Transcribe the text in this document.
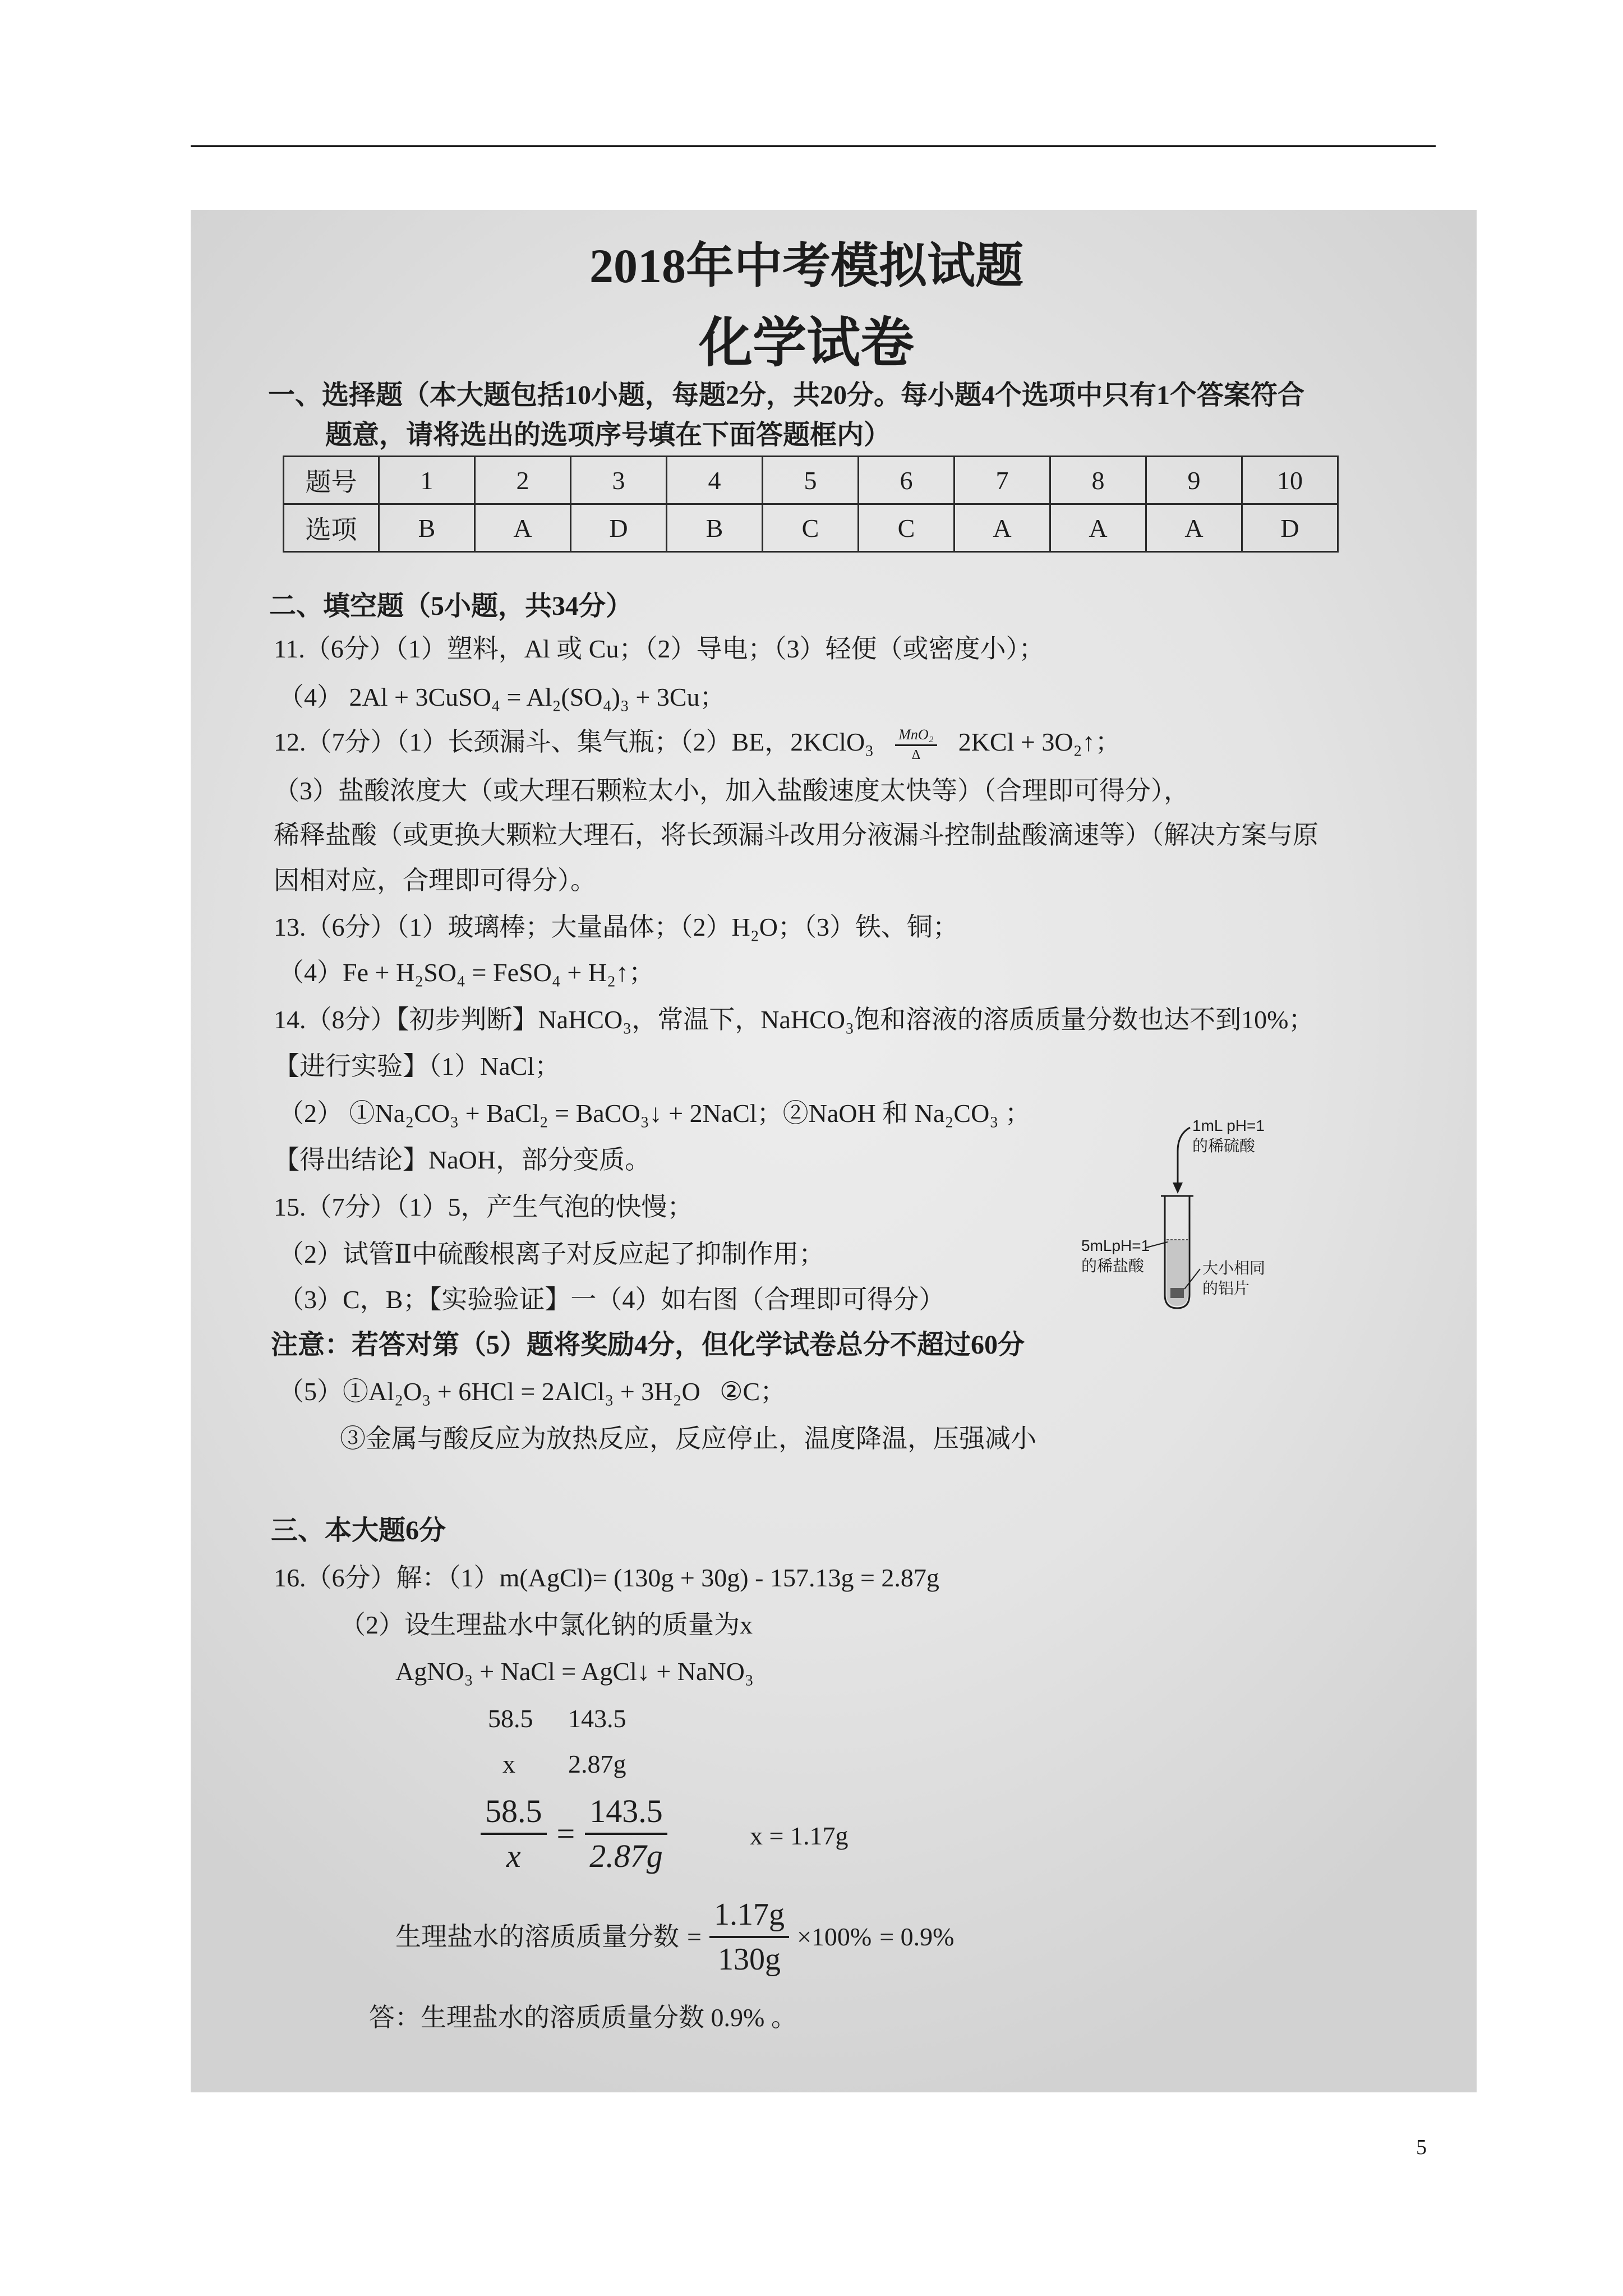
2018年中考模拟试题
化学试卷
一、选择题（本大题包括10小题，每题2分，共20分。每小题4个选项中只有1个答案符合
题意，请将选出的选项序号填在下面答题框内）
题号	1	2	3	4	5	6	7	8	9	10
选项	B	A	D	B	C	C	A	A	A	D
二、填空题（5小题，共34分）
11.（6分）（1）塑料，Al 或 Cu；（2）导电；（3）轻便（或密度小）；
（4） 2Al + 3CuSO₄ = Al₂(SO₄)₃ + 3Cu；
12.（7分）（1）长颈漏斗、集气瓶；（2）BE，2KClO₃ MnO₂
Δ	2KCl + 3O₂↑；
（3）盐酸浓度大（或大理石颗粒太小，加入盐酸速度太快等）（合理即可得分），
稀释盐酸（或更换大颗粒大理石，将长颈漏斗改用分液漏斗控制盐酸滴速等）（解决方案与原
因相对应，合理即可得分）。
13.（6分）（1）玻璃棒；大量晶体；（2）H₂O；（3）铁、铜；
（4）Fe + H₂SO₄ = FeSO₄ + H₂↑；
14.（8分）【初步判断】NaHCO₃，常温下，NaHCO₃饱和溶液的溶质质量分数也达不到10%；
【进行实验】（1）NaCl；
（2） ①Na₂CO₃ + BaCl₂ = BaCO₃↓ + 2NaCl；②NaOH 和 Na₂CO₃ ；
【得出结论】NaOH，部分变质。
15.（7分）（1）5，产生气泡的快慢；
（2）试管Ⅱ中硫酸根离子对反应起了抑制作用；
（3）C，B；【实验验证】一（4）如右图（合理即可得分）
注意：若答对第（5）题将奖励4分，但化学试卷总分不超过60分
（5）①Al₂O₃ + 6HCl = 2AlCl₃ + 3H₂O   ②C；
③金属与酸反应为放热反应，反应停止，温度降温，压强减小
1mL pH=1
的稀硫酸
5mLpH=1
的稀盐酸	大小相同
的铝片
三、本大题6分
16.（6分）解：（1）m(AgCl)= (130g + 30g) - 157.13g = 2.87g
（2）设生理盐水中氯化钠的质量为x
AgNO₃ + NaCl = AgCl↓ + NaNO₃
58.5 143.5
x 2.87g
$\frac{58.5}{x} = \frac{143.5}{2.87g}$	x = 1.17g
生理盐水的溶质质量分数 = $\frac{1.17g}{130g} \times 100\% = 0.9\%$
答：生理盐水的溶质质量分数 0.9% 。
5
